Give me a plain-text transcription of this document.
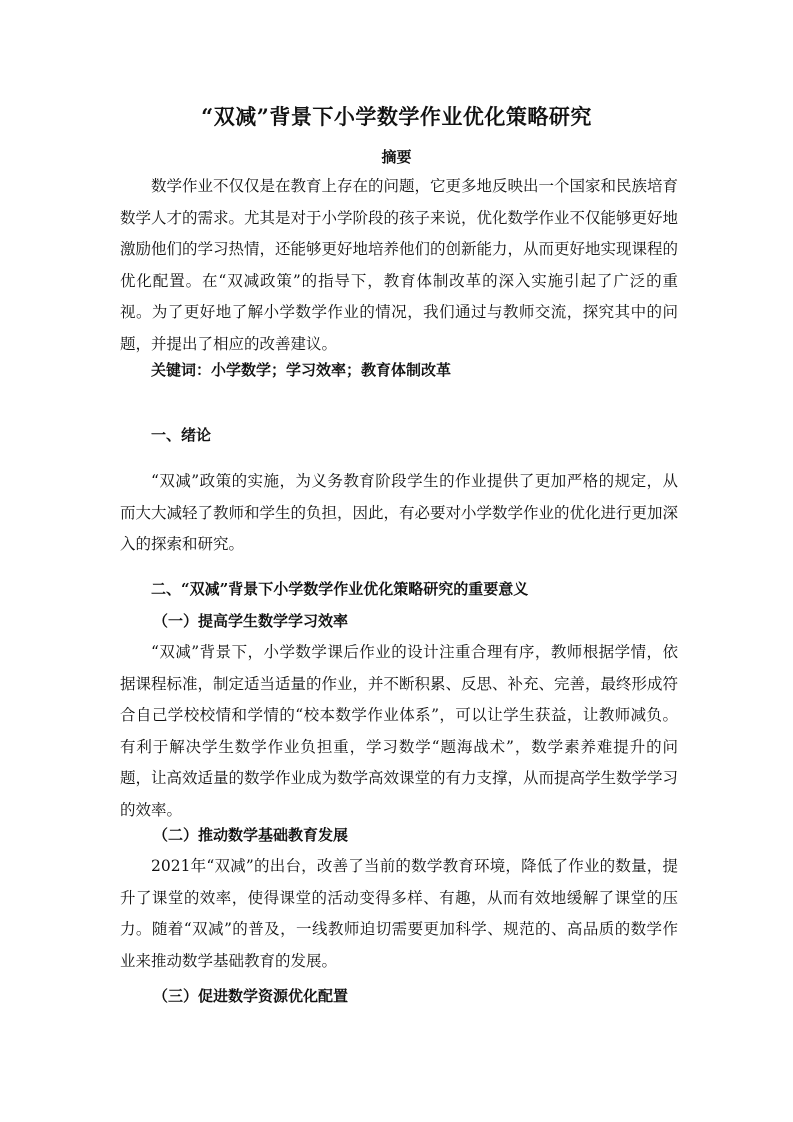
“双减”背景下小学数学作业优化策略研究
摘要
数学作业不仅仅是在教育上存在的问题，它更多地反映出一个国家和民族培育数学人才的需求。尤其是对于小学阶段的孩子来说，优化数学作业不仅能够更好地激励他们的学习热情，还能够更好地培养他们的创新能力，从而更好地实现课程的优化配置。在“双减政策”的指导下，教育体制改革的深入实施引起了广泛的重视。为了更好地了解小学数学作业的情况，我们通过与教师交流，探究其中的问题，并提出了相应的改善建议。
关键词：小学数学；学习效率；教育体制改革
一、绪论
“双减”政策的实施，为义务教育阶段学生的作业提供了更加严格的规定，从而大大减轻了教师和学生的负担，因此，有必要对小学数学作业的优化进行更加深入的探索和研究。
二、“双减”背景下小学数学作业优化策略研究的重要意义
（一）提高学生数学学习效率
“双减”背景下，小学数学课后作业的设计注重合理有序，教师根据学情，依据课程标准，制定适当适量的作业，并不断积累、反思、补充、完善，最终形成符合自己学校校情和学情的“校本数学作业体系”，可以让学生获益，让教师减负。有利于解决学生数学作业负担重，学习数学“题海战术”，数学素养难提升的问题，让高效适量的数学作业成为数学高效课堂的有力支撑，从而提高学生数学学习的效率。
（二）推动数学基础教育发展
2021年“双减”的出台，改善了当前的数学教育环境，降低了作业的数量，提升了课堂的效率，使得课堂的活动变得多样、有趣，从而有效地缓解了课堂的压力。随着“双减”的普及，一线教师迫切需要更加科学、规范的、高品质的数学作业来推动数学基础教育的发展。
（三）促进数学资源优化配置
